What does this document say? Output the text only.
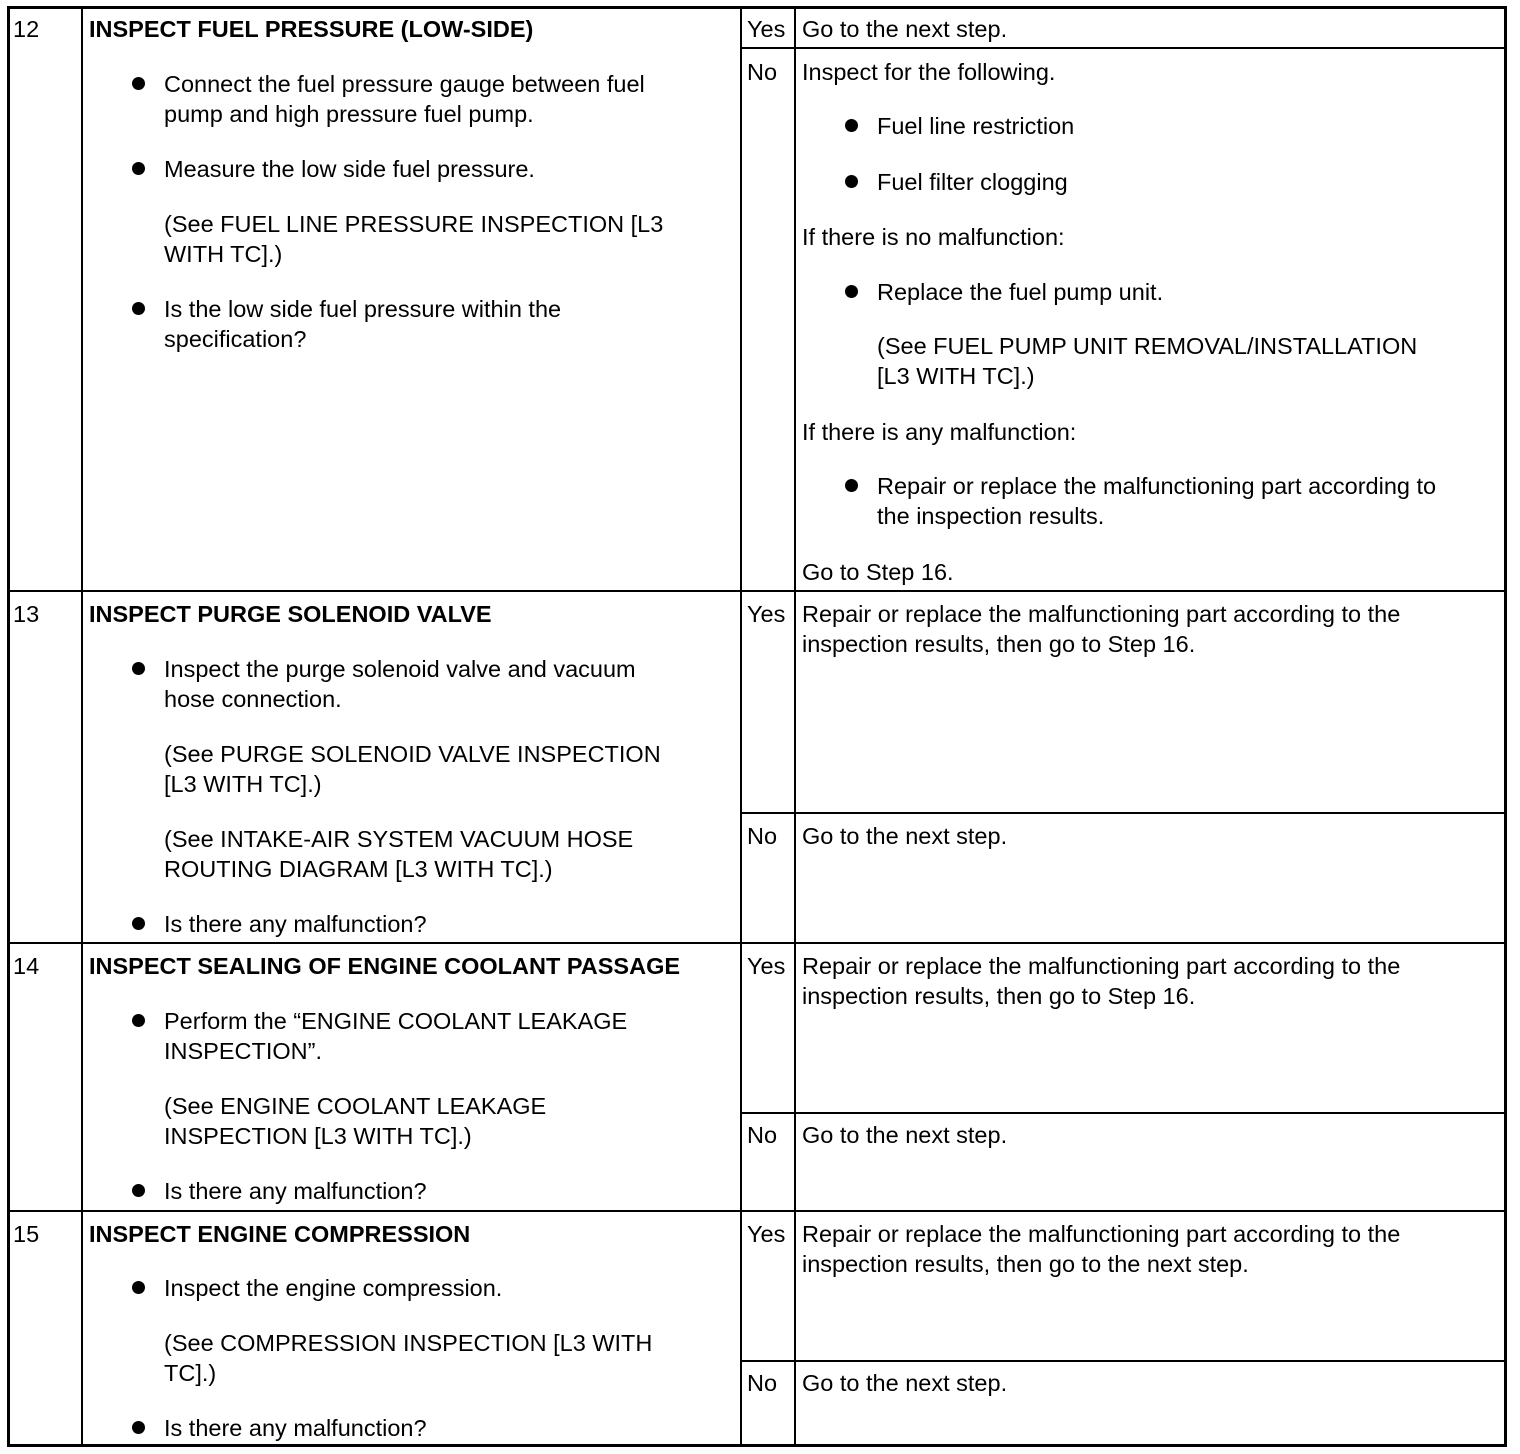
12 INSPECT FUEL PRESSURE (LOW-SIDE)
Connect the fuel pressure gauge between fuel
pump and high pressure fuel pump.
Measure the low side fuel pressure.
(See FUEL LINE PRESSURE INSPECTION [L3
WITH TC].)
Is the low side fuel pressure within the
specification?
Yes Go to the next step.
No Inspect for the following.
Fuel line restriction
Fuel filter clogging
If there is no malfunction:
Replace the fuel pump unit.
(See FUEL PUMP UNIT REMOVAL/INSTALLATION
[L3 WITH TC].)
If there is any malfunction:
Repair or replace the malfunctioning part according to
the inspection results.
Go to Step 16.
13 INSPECT PURGE SOLENOID VALVE
Inspect the purge solenoid valve and vacuum
hose connection.
(See PURGE SOLENOID VALVE INSPECTION
[L3 WITH TC].)
(See INTAKE-AIR SYSTEM VACUUM HOSE
ROUTING DIAGRAM [L3 WITH TC].)
Is there any malfunction?
Yes Repair or replace the malfunctioning part according to the
inspection results, then go to Step 16.
No Go to the next step.
14 INSPECT SEALING OF ENGINE COOLANT PASSAGE
Perform the “ENGINE COOLANT LEAKAGE
INSPECTION”.
(See ENGINE COOLANT LEAKAGE
INSPECTION [L3 WITH TC].)
Is there any malfunction?
Yes Repair or replace the malfunctioning part according to the
inspection results, then go to Step 16.
No Go to the next step.
15 INSPECT ENGINE COMPRESSION
Inspect the engine compression.
(See COMPRESSION INSPECTION [L3 WITH
TC].)
Is there any malfunction?
Yes Repair or replace the malfunctioning part according to the
inspection results, then go to the next step.
No Go to the next step.
